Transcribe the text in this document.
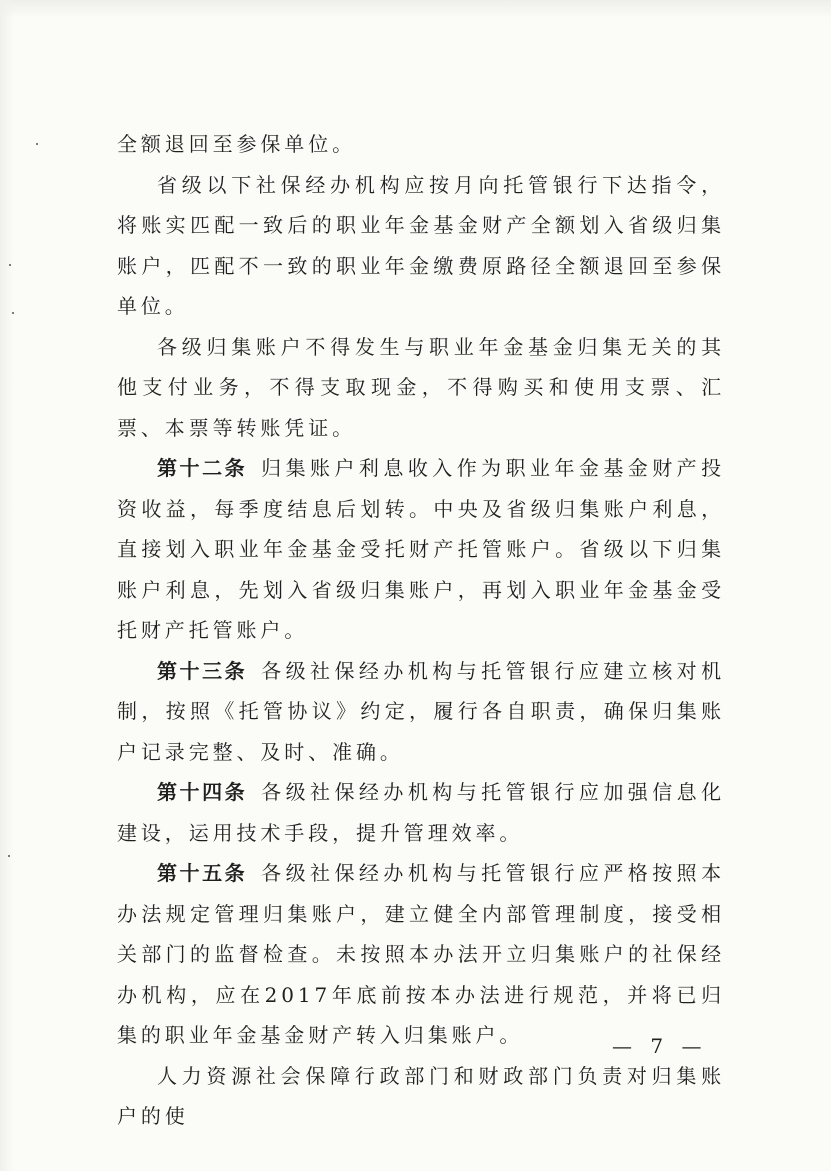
全额退回至参保单位。

省级以下社保经办机构应按月向托管银行下达指令，将账实匹配一致后的职业年金基金财产全额划入省级归集账户，匹配不一致的职业年金缴费原路径全额退回至参保单位。

各级归集账户不得发生与职业年金基金归集无关的其他支付业务，不得支取现金，不得购买和使用支票、汇票、本票等转账凭证。

第十二条 归集账户利息收入作为职业年金基金财产投资收益，每季度结息后划转。中央及省级归集账户利息，直接划入职业年金基金受托财产托管账户。省级以下归集账户利息，先划入省级归集账户，再划入职业年金基金受托财产托管账户。

第十三条 各级社保经办机构与托管银行应建立核对机制，按照《托管协议》约定，履行各自职责，确保归集账户记录完整、及时、准确。

第十四条 各级社保经办机构与托管银行应加强信息化建设，运用技术手段，提升管理效率。

第十五条 各级社保经办机构与托管银行应严格按照本办法规定管理归集账户，建立健全内部管理制度，接受相关部门的监督检查。未按照本办法开立归集账户的社保经办机构，应在2017年底前按本办法进行规范，并将已归集的职业年金基金财产转入归集账户。

人力资源社会保障行政部门和财政部门负责对归集账户的使

— 7 —
